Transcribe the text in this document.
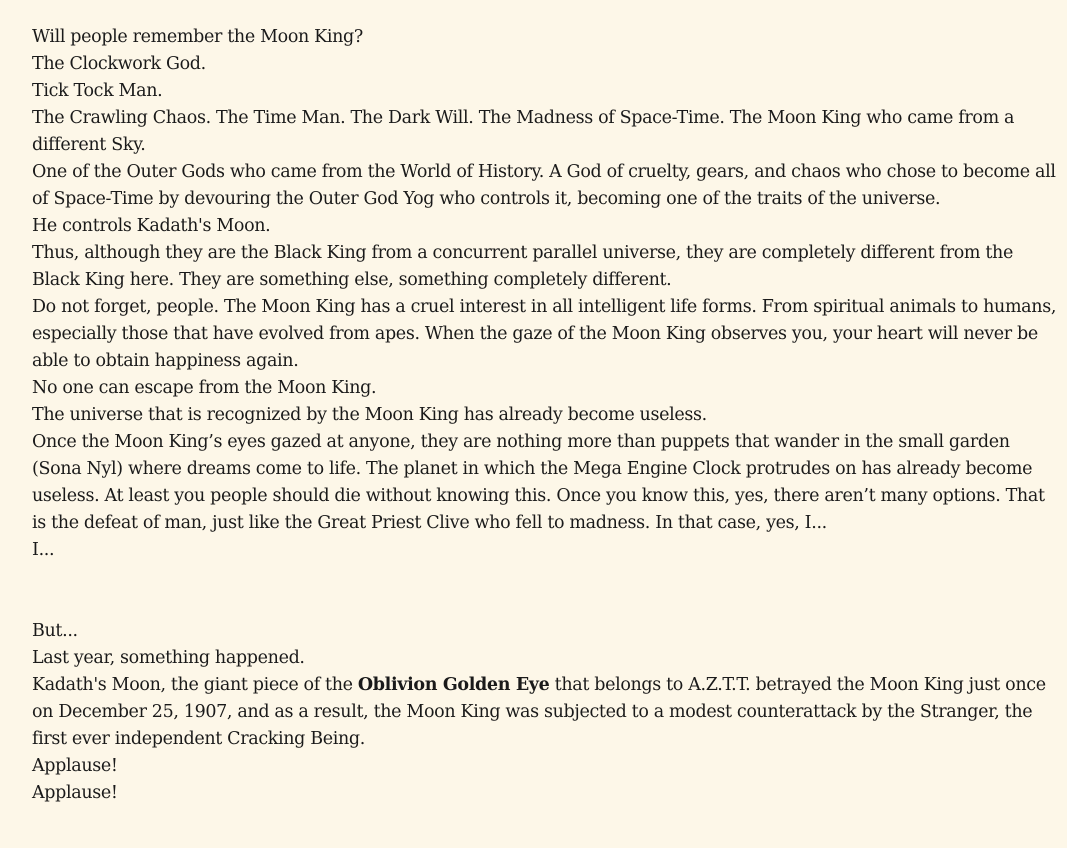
Will people remember the Moon King?

The Clockwork God.

Tick Tock Man.

The Crawling Chaos. The Time Man. The Dark Will. The Madness of Space-Time. The Moon King who came from a different Sky.

One of the Outer Gods who came from the World of History. A God of cruelty, gears, and chaos who chose to become all of Space-Time by devouring the Outer God Yog who controls it, becoming one of the traits of the universe.

He controls Kadath's Moon.

Thus, although they are the Black King from a concurrent parallel universe, they are completely different from the Black King here. They are something else, something completely different.

Do not forget, people. The Moon King has a cruel interest in all intelligent life forms. From spiritual animals to humans, especially those that have evolved from apes. When the gaze of the Moon King observes you, your heart will never be able to obtain happiness again.

No one can escape from the Moon King.

The universe that is recognized by the Moon King has already become useless.

Once the Moon King’s eyes gazed at anyone, they are nothing more than puppets that wander in the small garden (Sona Nyl) where dreams come to life. The planet in which the Mega Engine Clock protrudes on has already become useless. At least you people should die without knowing this. Once you know this, yes, there aren’t many options. That is the defeat of man, just like the Great Priest Clive who fell to madness. In that case, yes, I...

I...

But...

Last year, something happened.

Kadath's Moon, the giant piece of the Oblivion Golden Eye that belongs to A.Z.T.T. betrayed the Moon King just once on December 25, 1907, and as a result, the Moon King was subjected to a modest counterattack by the Stranger, the first ever independent Cracking Being.

Applause!

Applause!
